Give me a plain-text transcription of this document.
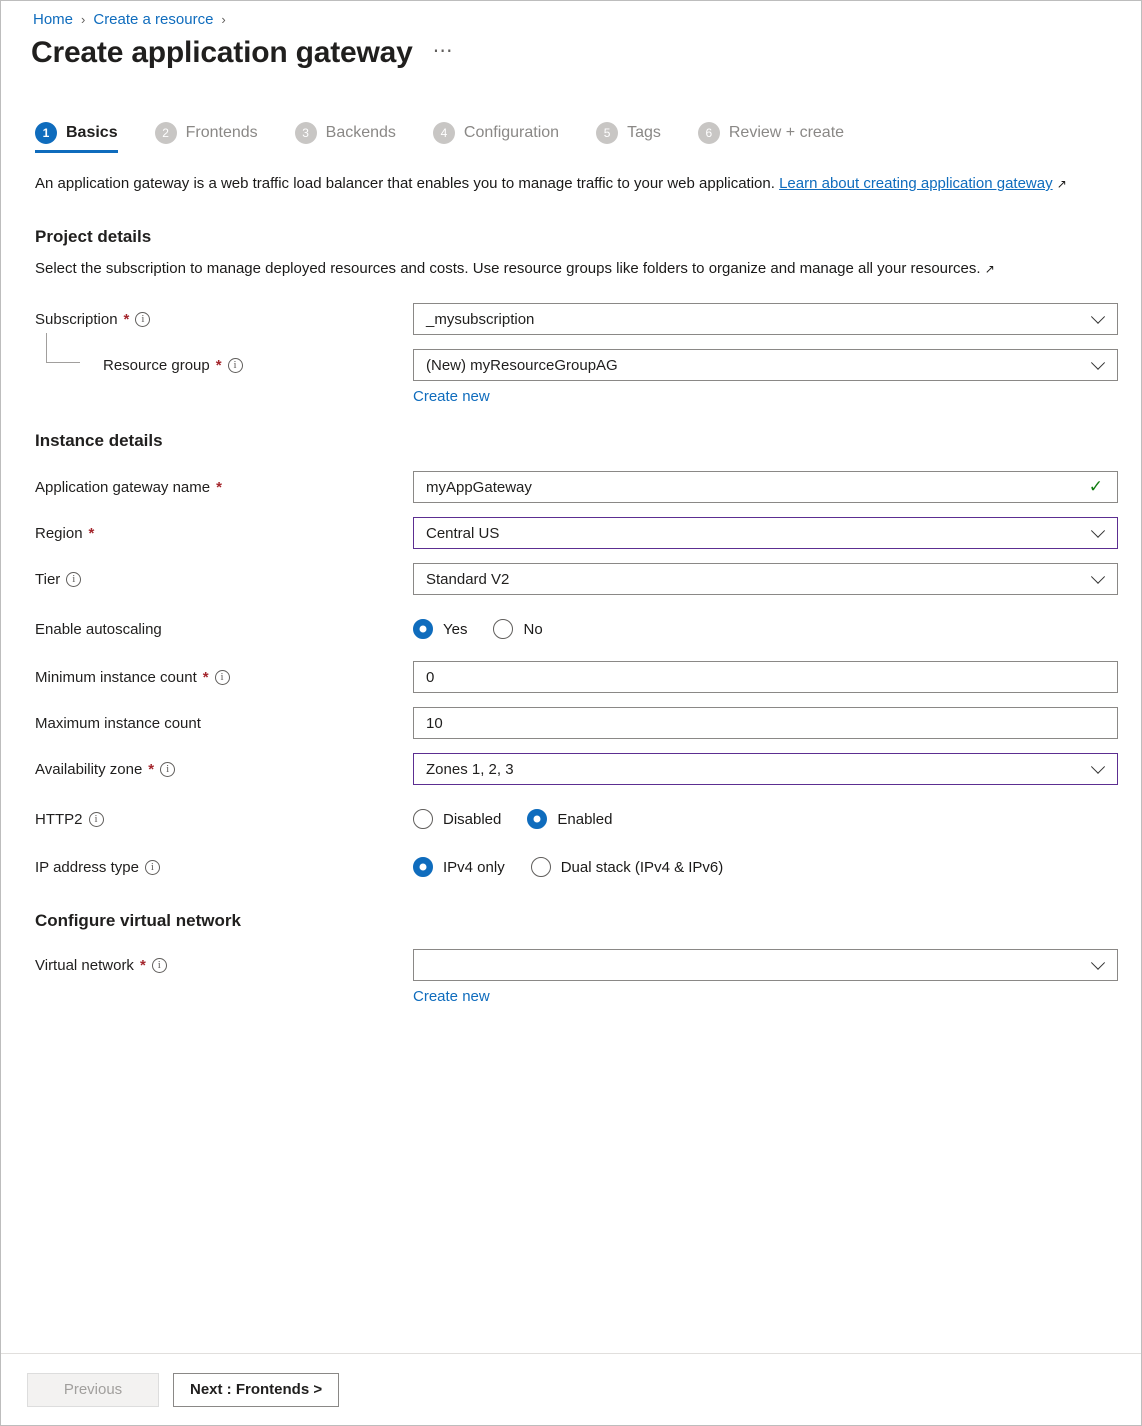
Home › Create a resource ›
Create application gateway ⋯
1	Basics	2	Frontends	3	Backends	4	Configuration	5	Tags	6	Review + create
An application gateway is a web traffic load balancer that enables you to manage traffic to your web application. Learn about creating application gateway ↗
Project details
Select the subscription to manage deployed resources and costs. Use resource groups like folders to organize and manage all your resources. ↗
Subscription *	i	_mysubscription
Resource group *	i	(New) myResourceGroupAG
Create new
Instance details
Application gateway name *	myAppGateway	✓
Region *	Central US
Tier	i	Standard V2
Enable autoscaling	Yes	No
Minimum instance count *	i	0
Maximum instance count	10
Availability zone *	i	Zones 1, 2, 3
HTTP2	i	Disabled	Enabled
IP address type	i	IPv4 only	Dual stack (IPv4 & IPv6)
Configure virtual network
Virtual network *	i
Create new
Previous	Next : Frontends >
